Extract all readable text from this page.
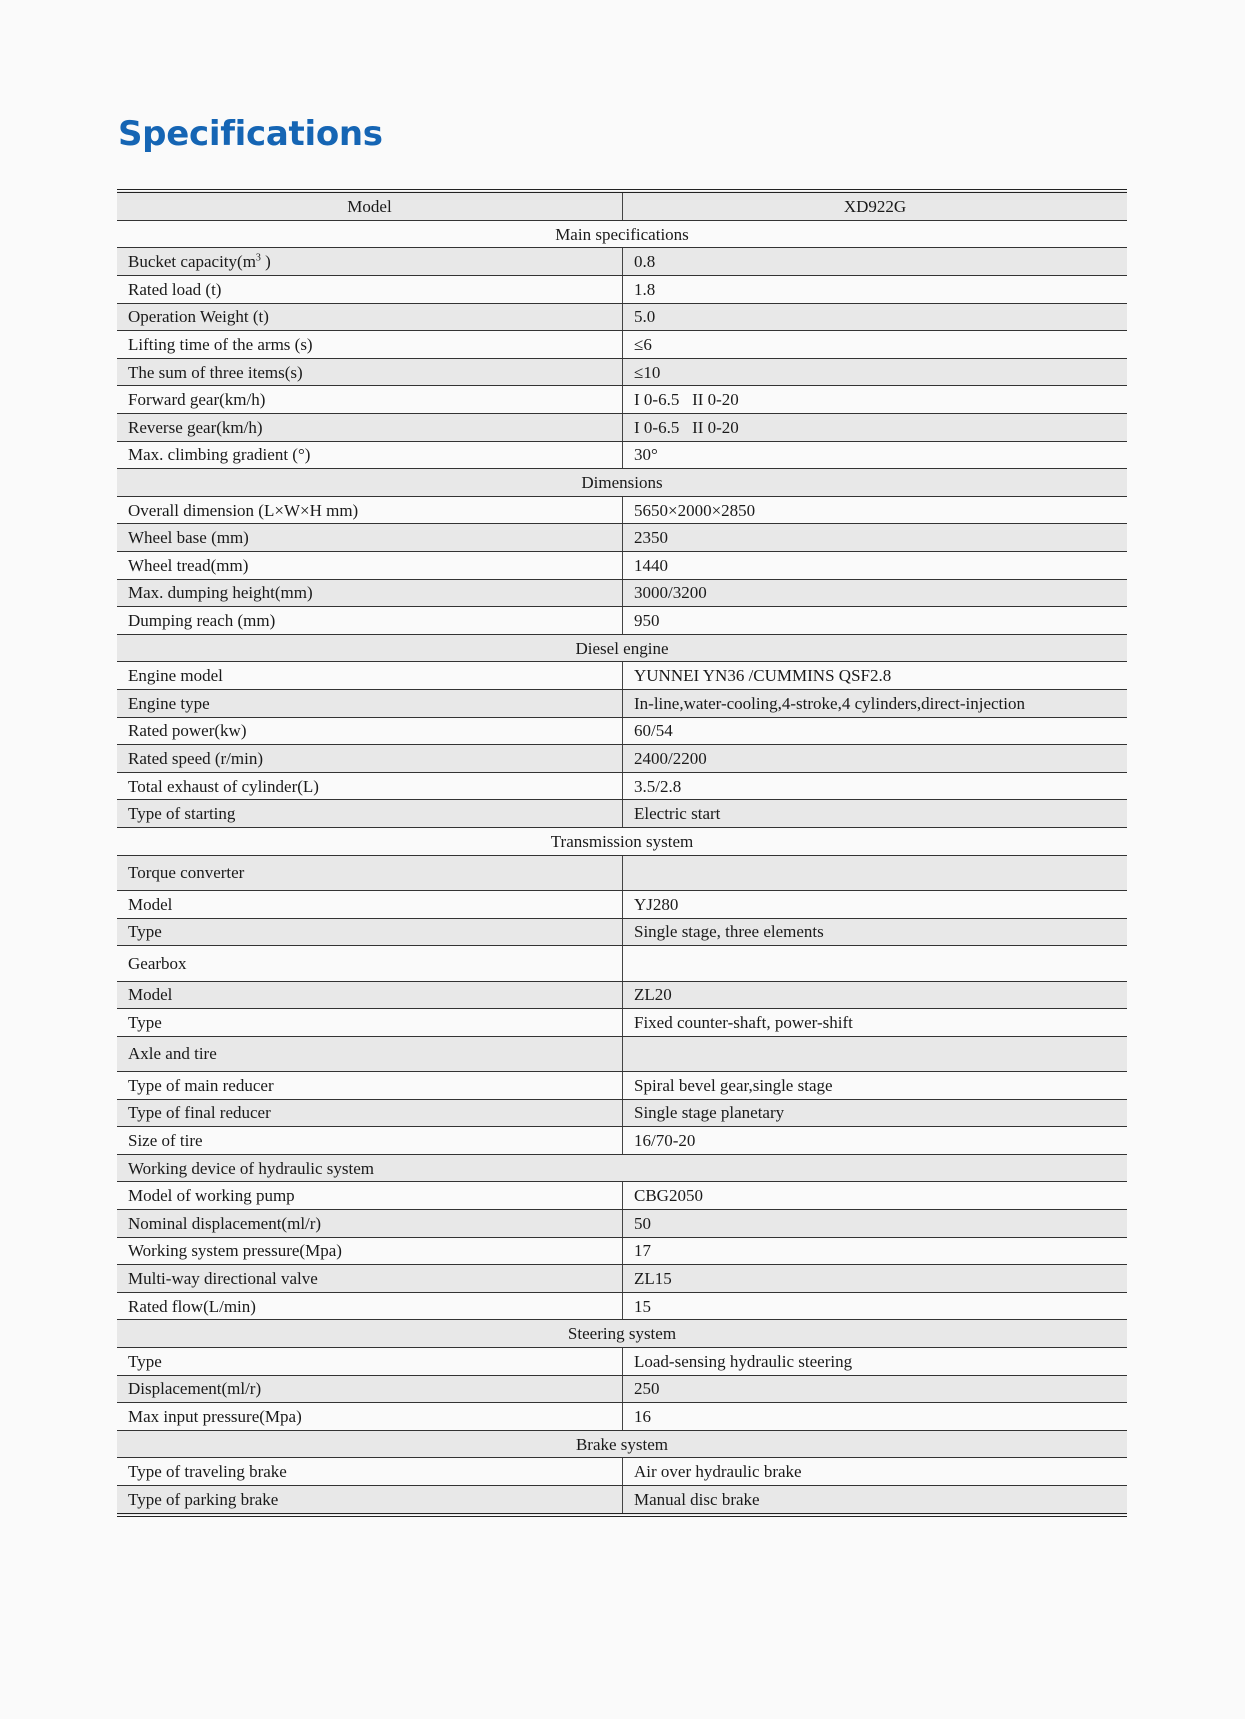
Specifications
Model	XD922G
Main specifications	
Bucket $capacity(m^3$ )	0.8
Rated load (t)	1.8
Operation Weight (t)	5.0
Lifting time of the arms (s)	≤6
The sum of three items(s)	≤10
Forward gear(km/h)	I 0-6.5   II 0-20
Reverse gear(km/h)	I 0-6.5   II 0-20
Max. climbing gradient (°)	30°
Dimensions	
Overall dimension (L×W×H mm)	5650×2000×2850
Wheel base (mm)	2350
Wheel tread(mm)	1440
Max. dumping height(mm)	3000/3200
Dumping reach (mm)	950
Diesel engine	
Engine model	YUNNEI YN36 /CUMMINS QSF2.8
Engine type	In-line,water-cooling,4-stroke,4 cylinders,direct-injection
Rated power(kw)	60/54
Rated speed (r/min)	2400/2200
Total exhaust of cylinder(L)	3.5/2.8
Type of starting	Electric start
Transmission system	
Torque converter	
Model	YJ280
Type	Single stage, three elements
Gearbox	
Model	ZL20
Type	Fixed counter-shaft, power-shift
Axle and tire	
Type of main reducer	Spiral bevel gear,single stage
Type of final reducer	Single stage planetary
Size of tire	16/70-20
Working device of hydraulic system	
Model of working pump	CBG2050
Nominal displacement(ml/r)	50
Working system pressure(Mpa)	17
Multi-way directional valve	ZL15
Rated flow(L/min)	15
Steering system	
Type	Load-sensing hydraulic steering
Displacement(ml/r)	250
Max input pressure(Mpa)	16
Brake system	
Type of traveling brake	Air over hydraulic brake
Type of parking brake	Manual disc brake
